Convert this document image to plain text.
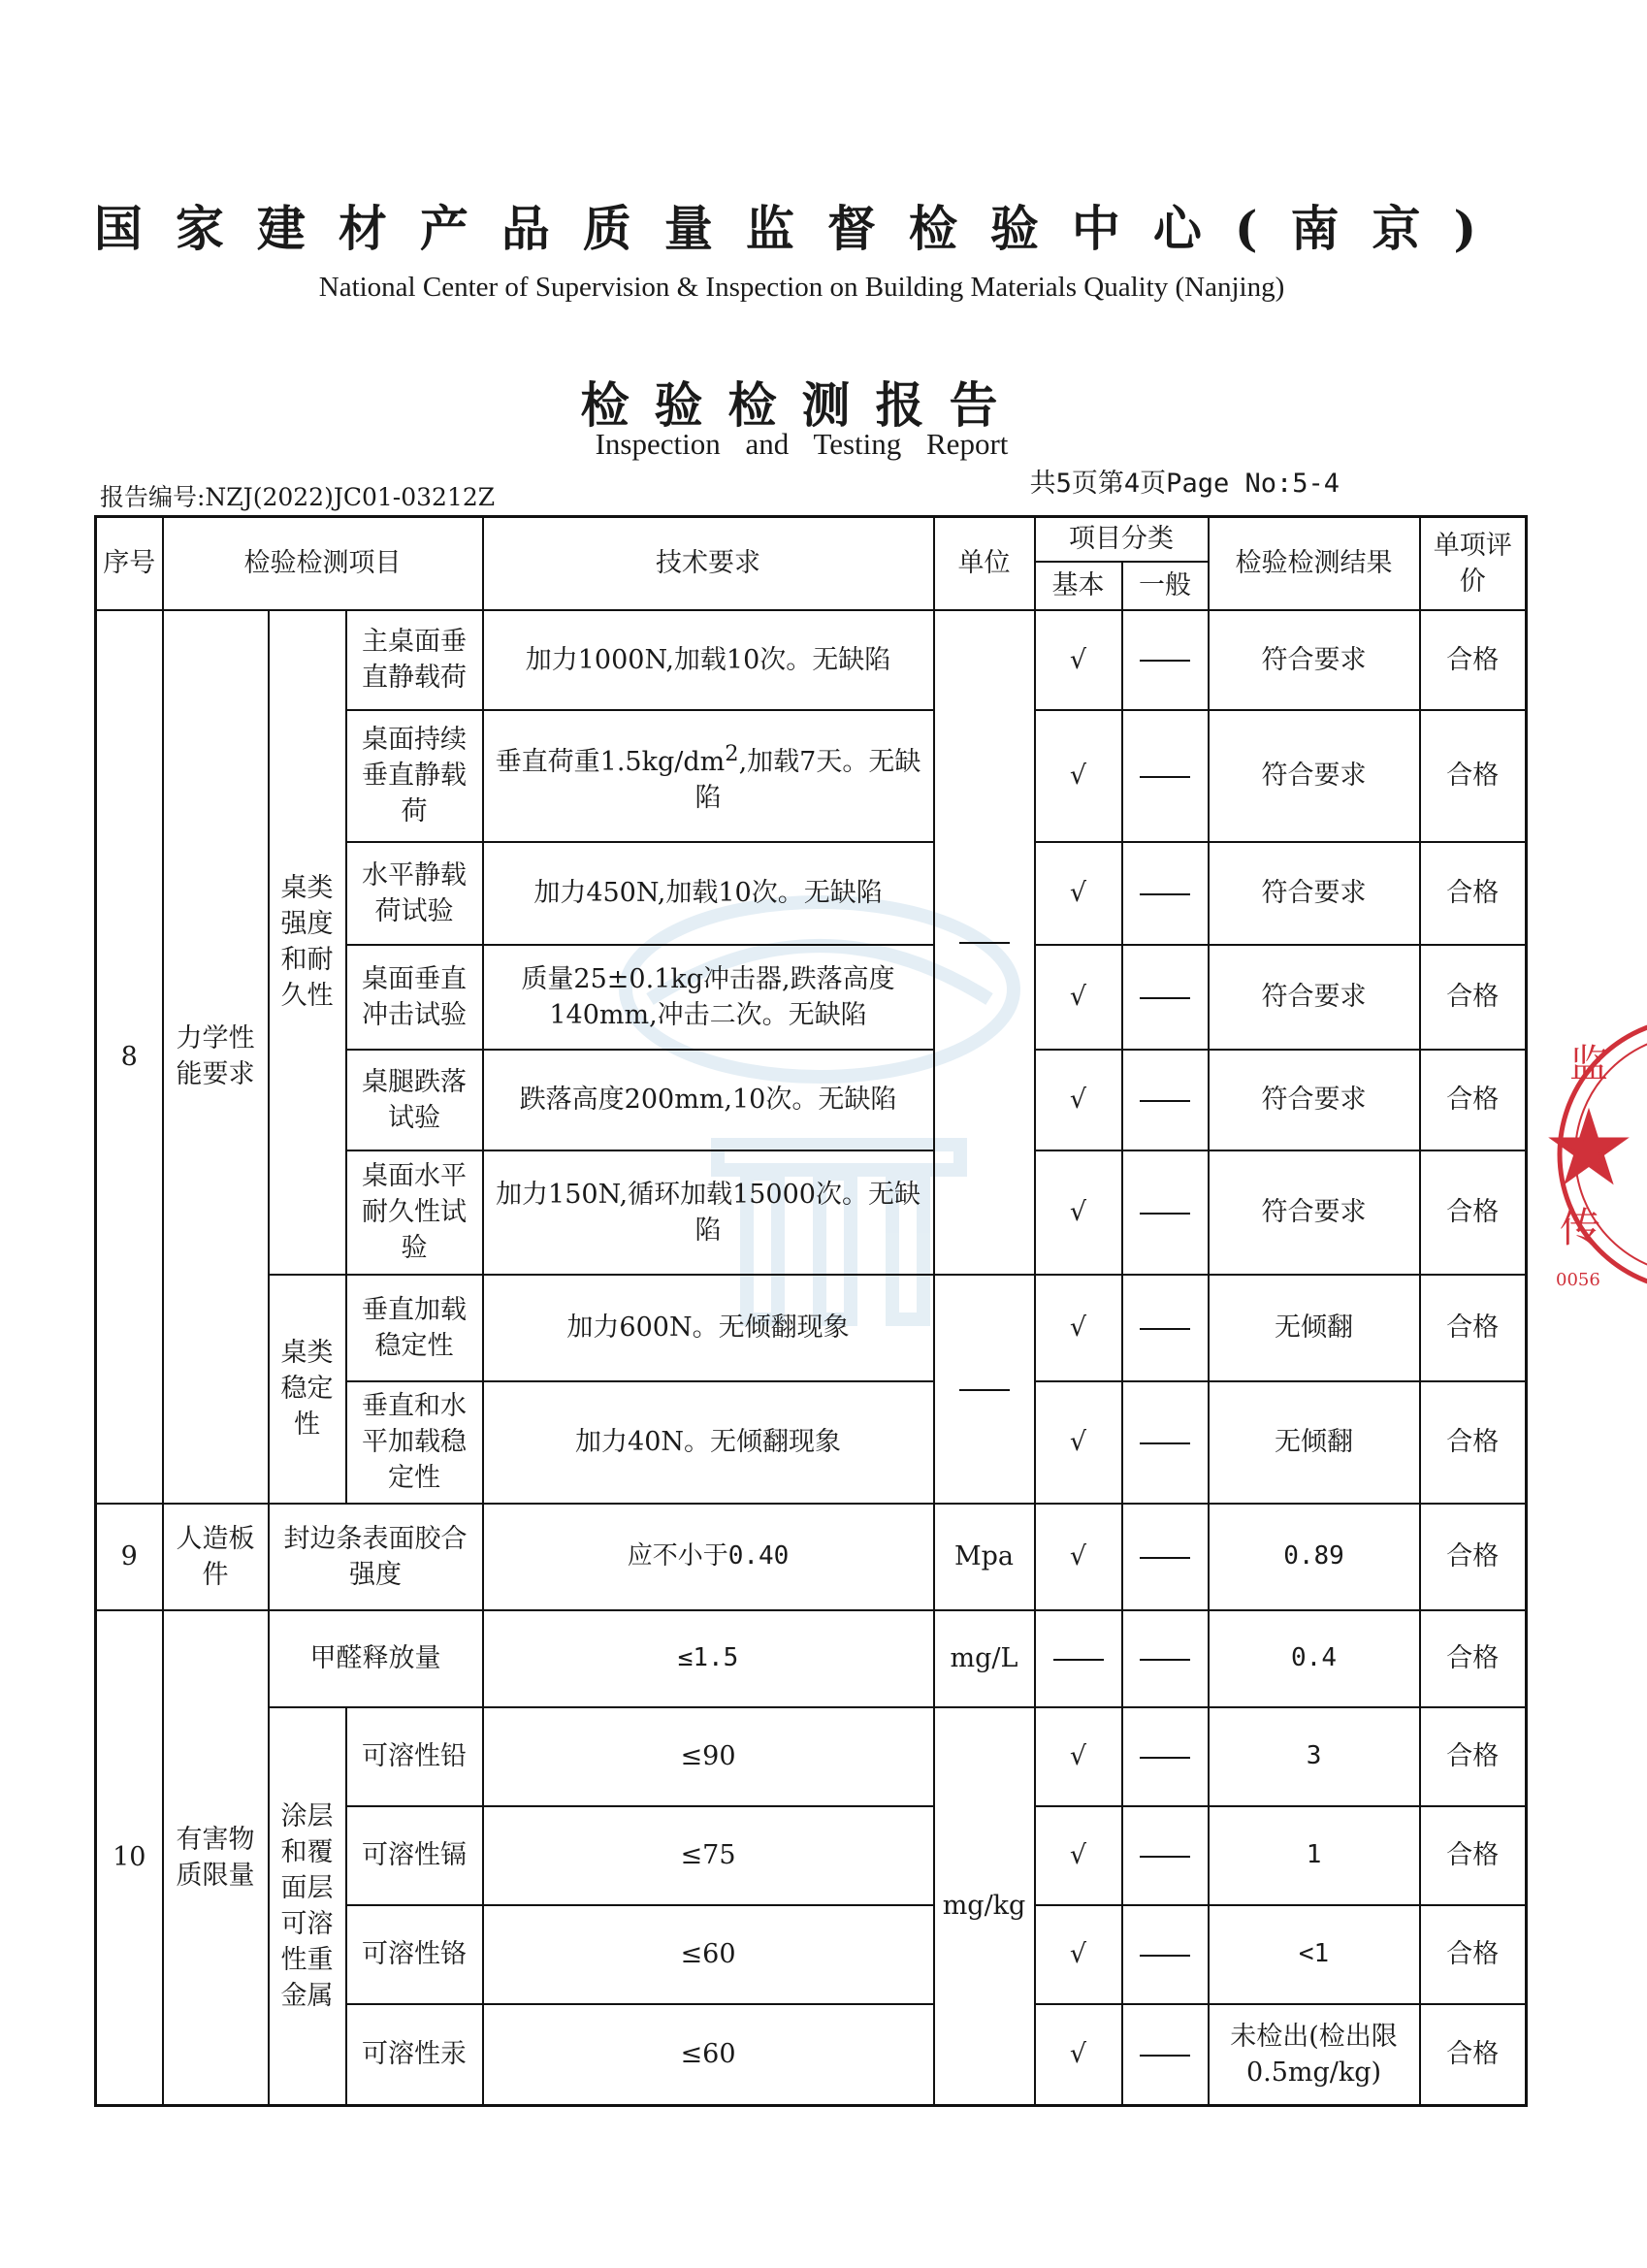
国家建材产品质量监督检验中心(南京)
National Center of Supervision & Inspection on Building Materials Quality (Nanjing)
检验检测报告
Inspection and Testing Report
报告编号:NZJ(2022)JC01-03212Z	共5页第4页Page No:5-4
序号	检验检测项目			技术要求	单位	项目分类		检验检测结果	单项评价
						基本	一般		
8	力学性能要求	桌类强度和耐久性	主桌面垂直静载荷	加力1000N,加载10次。无缺陷		√		符合要求	合格
			桌面持续垂直静载荷	垂直荷重$1.5kg/dm^2$,加载7天。无缺陷		√		符合要求	合格
			水平静载荷试验	加力450N,加载10次。无缺陷		√		符合要求	合格
			桌面垂直冲击试验	质量25±0.1kg冲击器,跌落高度140mm,冲击二次。无缺陷		√		符合要求	合格
			桌腿跌落试验	跌落高度200mm,10次。无缺陷		√		符合要求	合格
			桌面水平耐久性试验	加力150N,循环加载15000次。无缺陷		√		符合要求	合格
		桌类稳定性	垂直加载稳定性	加力600N。无倾翻现象		√		无倾翻	合格
			垂直和水平加载稳定性	加力40N。无倾翻现象		√		无倾翻	合格
9	人造板件	封边条表面胶合强度		应不小于0.40	Mpa	√		0.89	合格
10	有害物质限量	甲醛释放量		≤1.5	mg/L			0.4	合格
		涂层和覆面层可溶性重金属	可溶性铅	≤90	mg/kg	√		3	合格
			可溶性镉	≤75		√		1	合格
			可溶性铬	≤60		√		<1	合格
			可溶性汞	≤60		√		未检出(检出限0.5mg/kg)	合格
监
传
0056
